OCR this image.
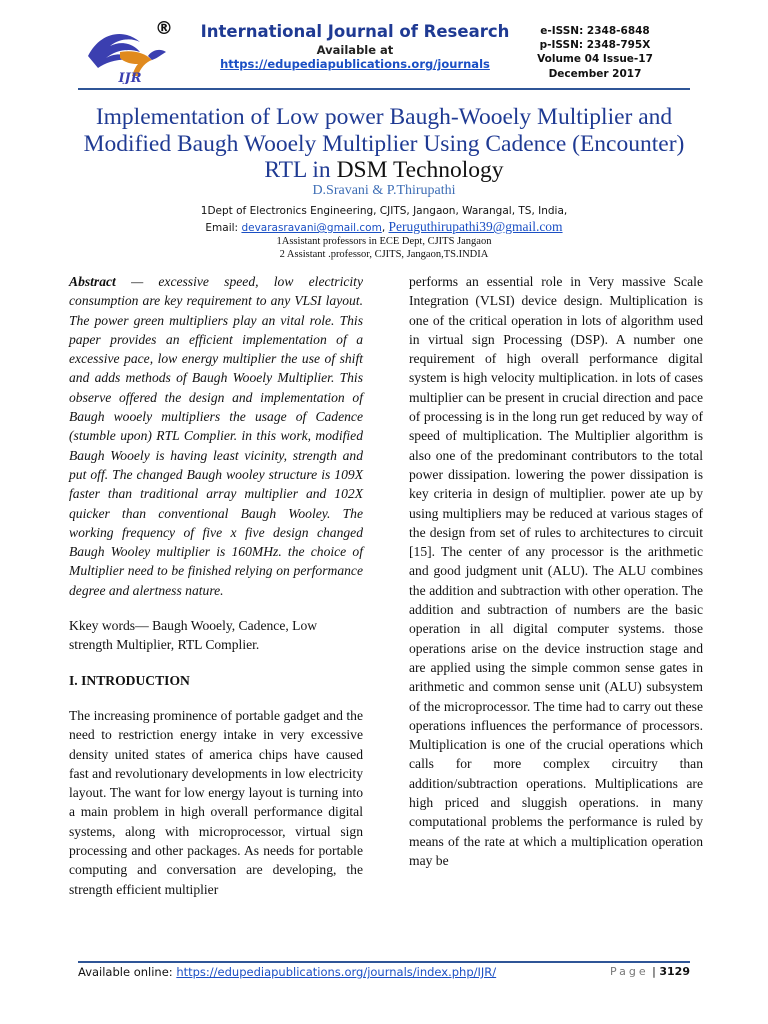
IJR
®	International Journal of Research
Available at https://edupediapublications.org/journals
e-ISSN: 2348-6848
p-ISSN: 2348-795X
Volume 04 Issue-17
December 2017
Implementation of Low power Baugh-Wooely Multiplier and Modified Baugh Wooely Multiplier Using Cadence (Encounter) RTL in DSM Technology
D.Sravani & P.Thirupathi
1Dept of Electronics Engineering, CJITS, Jangaon, Warangal, TS, India,
Email: devarasravani@gmail.com, Peruguthirupathi39@gmail.com
1Assistant professors in ECE Dept, CJITS Jangaon
2 Assistant .professor, CJITS, Jangaon,TS.INDIA

Abstract — excessive speed, low electricity consumption are key requirement to any VLSI layout. The power green multipliers play an vital role. This paper provides an efficient implementation of a excessive pace, low energy multiplier the use of shift and adds methods of Baugh Wooely Multiplier. This observe offered the design and implementation of Baugh wooely multipliers the usage of Cadence (stumble upon) RTL Complier. in this work, modified Baugh Wooely is having least vicinity, strength and put off. The changed Baugh wooley structure is 109X faster than traditional array multiplier and 102X quicker than conventional Baugh Wooley. The working frequency of five x five design changed Baugh Wooley multiplier is 160MHz. the choice of Multiplier need to be finished relying on performance degree and alertness nature.

Kkey words— Baugh Wooely, Cadence, Low strength Multiplier, RTL Complier.

I. INTRODUCTION

The increasing prominence of portable gadget and the need to restriction energy intake in very excessive density united states of america chips have caused fast and revolutionary developments in low electricity layout. The want for low energy layout is turning into a main problem in high overall performance digital systems, along with microprocessor, virtual sign processing and other packages. As needs for portable computing and conversation are developing, the strength efficient multiplier

performs an essential role in Very massive Scale Integration (VLSI) device design. Multiplication is one of the critical operation in lots of algorithm used in virtual sign Processing (DSP). A number one requirement of high overall performance digital system is high velocity multiplication. in lots of cases multiplier can be present in crucial direction and pace of processing is in the long run get reduced by way of speed of multiplication. The Multiplier algorithm is also one of the predominant contributors to the total power dissipation. lowering the power dissipation is key criteria in design of multiplier. power ate up by using multipliers may be reduced at various stages of the design from set of rules to architectures to circuit [15]. The center of any processor is the arithmetic and good judgment unit (ALU). The ALU combines the addition and subtraction with other operation. The addition and subtraction of numbers are the basic operation in all digital computer systems. those operations arise on the device instruction stage and are applied using the simple common sense gates in arithmetic and common sense unit (ALU) subsystem of the microprocessor. The time had to carry out these operations influences the performance of processors. Multiplication is one of the crucial operations which calls for more complex circuitry than addition/subtraction operations. Multiplications are high priced and sluggish operations. in many computational problems the performance is ruled by means of the rate at which a multiplication operation may be

Available online: https://edupediapublications.org/journals/index.php/IJR/	Page | 3129
